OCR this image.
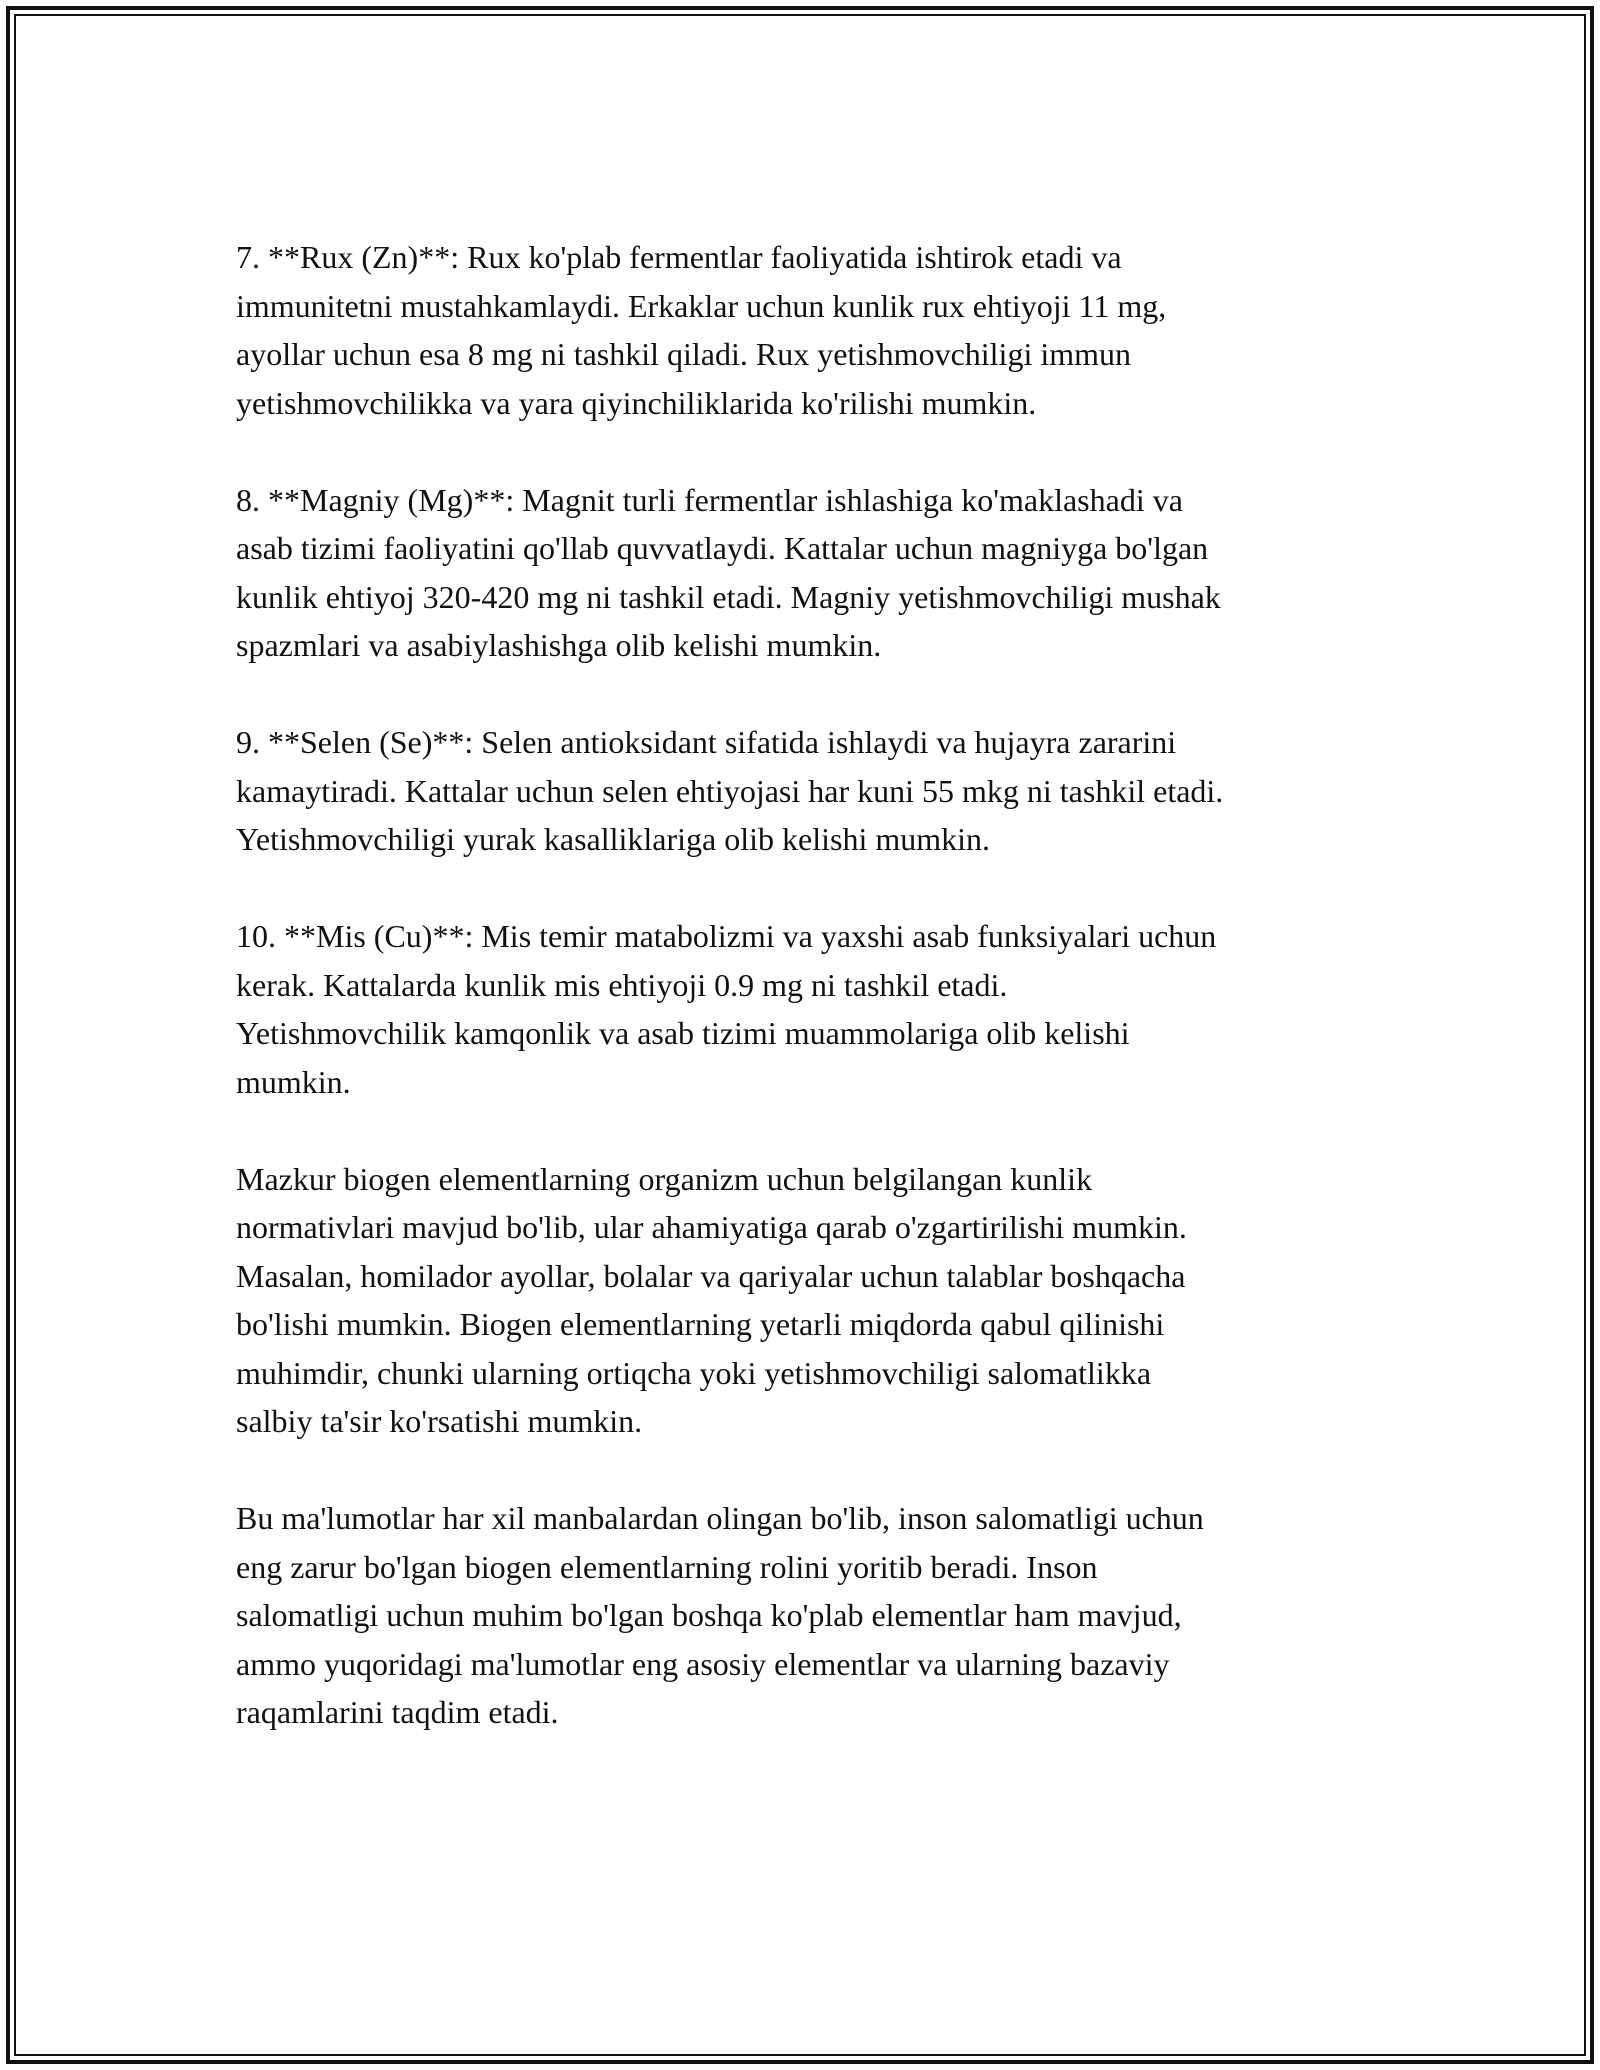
7. **Rux (Zn)**: Rux ko'plab fermentlar faoliyatida ishtirok etadi va
immunitetni mustahkamlaydi. Erkaklar uchun kunlik rux ehtiyoji 11 mg,
ayollar uchun esa 8 mg ni tashkil qiladi. Rux yetishmovchiligi immun
yetishmovchilikka va yara qiyinchiliklarida ko'rilishi mumkin.

8. **Magniy (Mg)**: Magnit turli fermentlar ishlashiga ko'maklashadi va
asab tizimi faoliyatini qo'llab quvvatlaydi. Kattalar uchun magniyga bo'lgan
kunlik ehtiyoj 320-420 mg ni tashkil etadi. Magniy yetishmovchiligi mushak
spazmlari va asabiylashishga olib kelishi mumkin.

9. **Selen (Se)**: Selen antioksidant sifatida ishlaydi va hujayra zararini
kamaytiradi. Kattalar uchun selen ehtiyojasi har kuni 55 mkg ni tashkil etadi.
Yetishmovchiligi yurak kasalliklariga olib kelishi mumkin.

10. **Mis (Cu)**: Mis temir matabolizmi va yaxshi asab funksiyalari uchun
kerak. Kattalarda kunlik mis ehtiyoji 0.9 mg ni tashkil etadi.
Yetishmovchilik kamqonlik va asab tizimi muammolariga olib kelishi
mumkin.

Mazkur biogen elementlarning organizm uchun belgilangan kunlik
normativlari mavjud bo'lib, ular ahamiyatiga qarab o'zgartirilishi mumkin.
Masalan, homilador ayollar, bolalar va qariyalar uchun talablar boshqacha
bo'lishi mumkin. Biogen elementlarning yetarli miqdorda qabul qilinishi
muhimdir, chunki ularning ortiqcha yoki yetishmovchiligi salomatlikka
salbiy ta'sir ko'rsatishi mumkin.

Bu ma'lumotlar har xil manbalardan olingan bo'lib, inson salomatligi uchun
eng zarur bo'lgan biogen elementlarning rolini yoritib beradi. Inson
salomatligi uchun muhim bo'lgan boshqa ko'plab elementlar ham mavjud,
ammo yuqoridagi ma'lumotlar eng asosiy elementlar va ularning bazaviy
raqamlarini taqdim etadi.
